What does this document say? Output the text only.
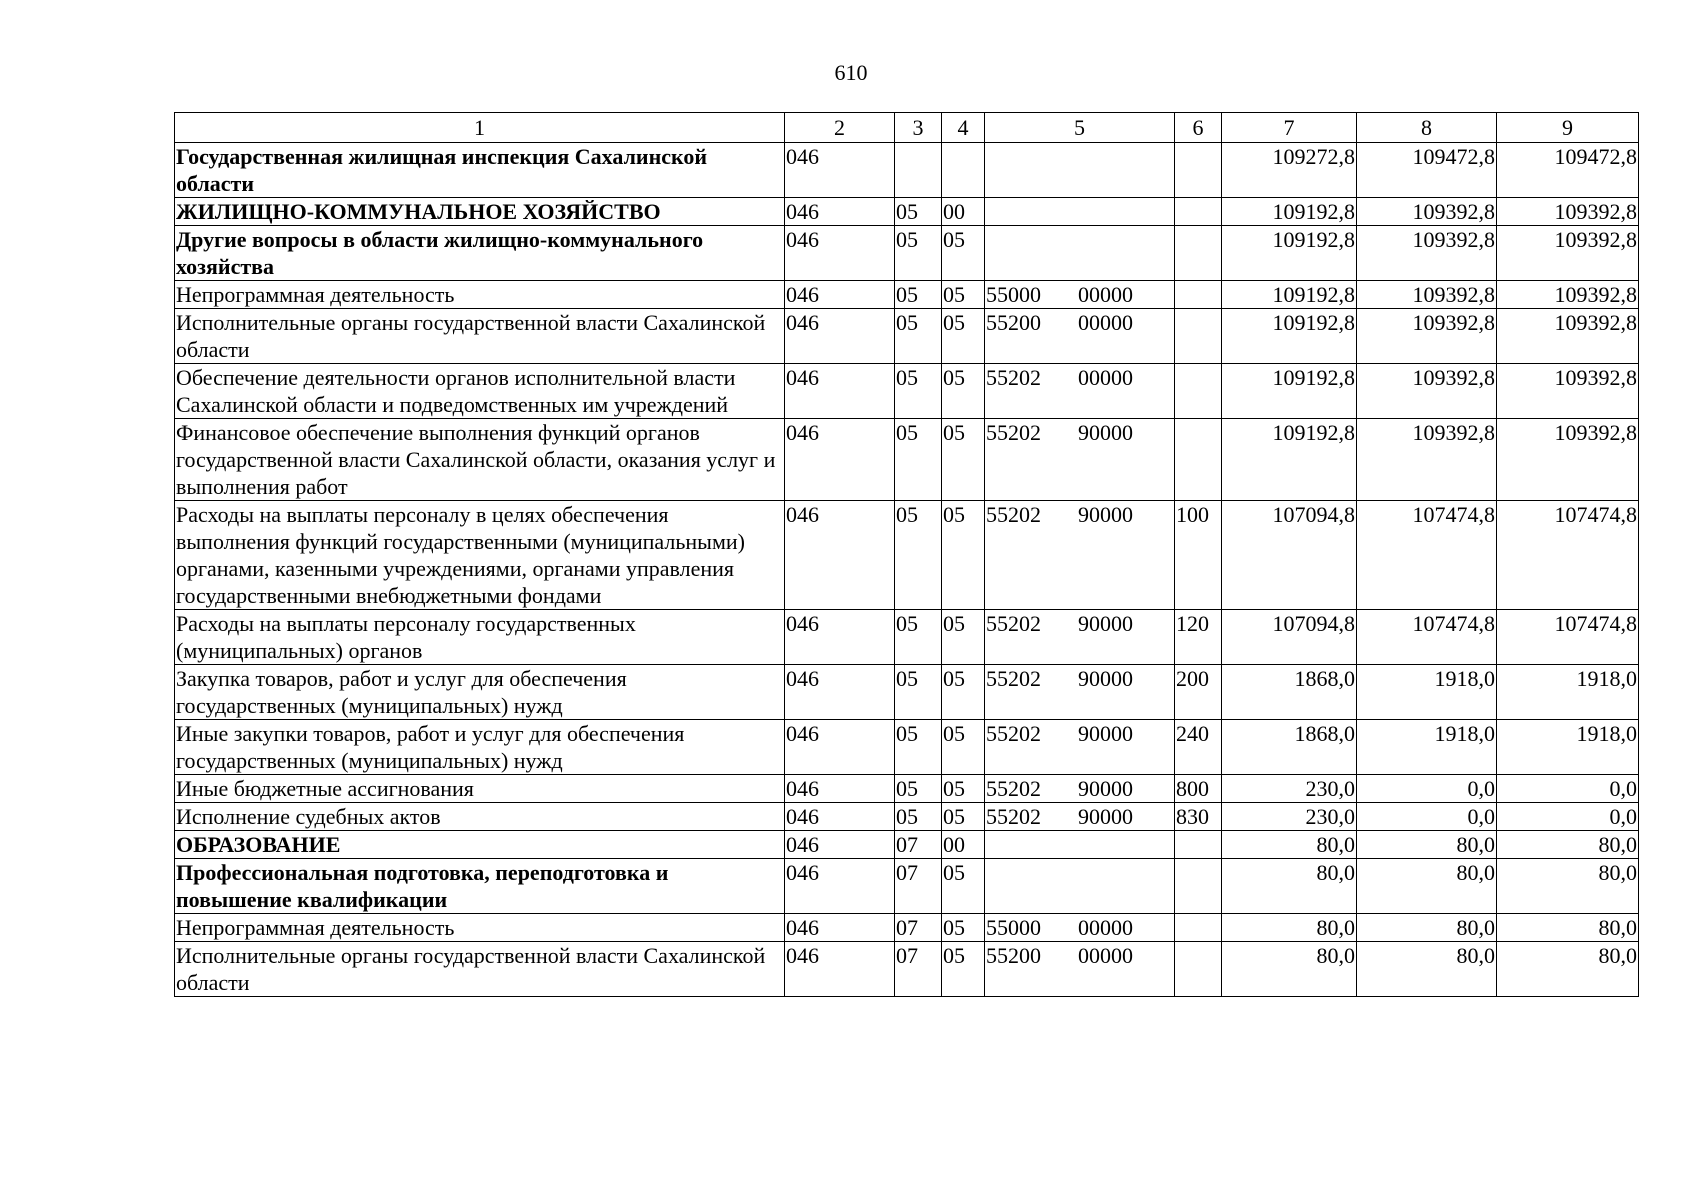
610
1	2	3	4	5	6	7	8	9
Государственная жилищная инспекция Сахалинской области	046					109272,8	109472,8	109472,8
ЖИЛИЩНО-КОММУНАЛЬНОЕ ХОЗЯЙСТВО	046	05	00			109192,8	109392,8	109392,8
Другие вопросы в области жилищно-коммунального хозяйства	046	05	05			109192,8	109392,8	109392,8
Непрограммная деятельность	046	05	05	55000 00000		109192,8	109392,8	109392,8
Исполнительные органы государственной власти Сахалинской области	046	05	05	55200 00000		109192,8	109392,8	109392,8
Обеспечение деятельности органов исполнительной власти Сахалинской области и подведомственных им учреждений	046	05	05	55202 00000		109192,8	109392,8	109392,8
Финансовое обеспечение выполнения функций органов государственной власти Сахалинской области, оказания услуг и выполнения работ	046	05	05	55202 90000		109192,8	109392,8	109392,8
Расходы на выплаты персоналу в целях обеспечения выполнения функций государственными (муниципальными) органами, казенными учреждениями, органами управления государственными внебюджетными фондами	046	05	05	55202 90000	100	107094,8	107474,8	107474,8
Расходы на выплаты персоналу государственных (муниципальных) органов	046	05	05	55202 90000	120	107094,8	107474,8	107474,8
Закупка товаров, работ и услуг для обеспечения государственных (муниципальных) нужд	046	05	05	55202 90000	200	1868,0	1918,0	1918,0
Иные закупки товаров, работ и услуг для обеспечения государственных (муниципальных) нужд	046	05	05	55202 90000	240	1868,0	1918,0	1918,0
Иные бюджетные ассигнования	046	05	05	55202 90000	800	230,0	0,0	0,0
Исполнение судебных актов	046	05	05	55202 90000	830	230,0	0,0	0,0
ОБРАЗОВАНИЕ	046	07	00			80,0	80,0	80,0
Профессиональная подготовка, переподготовка и повышение квалификации	046	07	05			80,0	80,0	80,0
Непрограммная деятельность	046	07	05	55000 00000		80,0	80,0	80,0
Исполнительные органы государственной власти Сахалинской области	046	07	05	55200 00000		80,0	80,0	80,0
